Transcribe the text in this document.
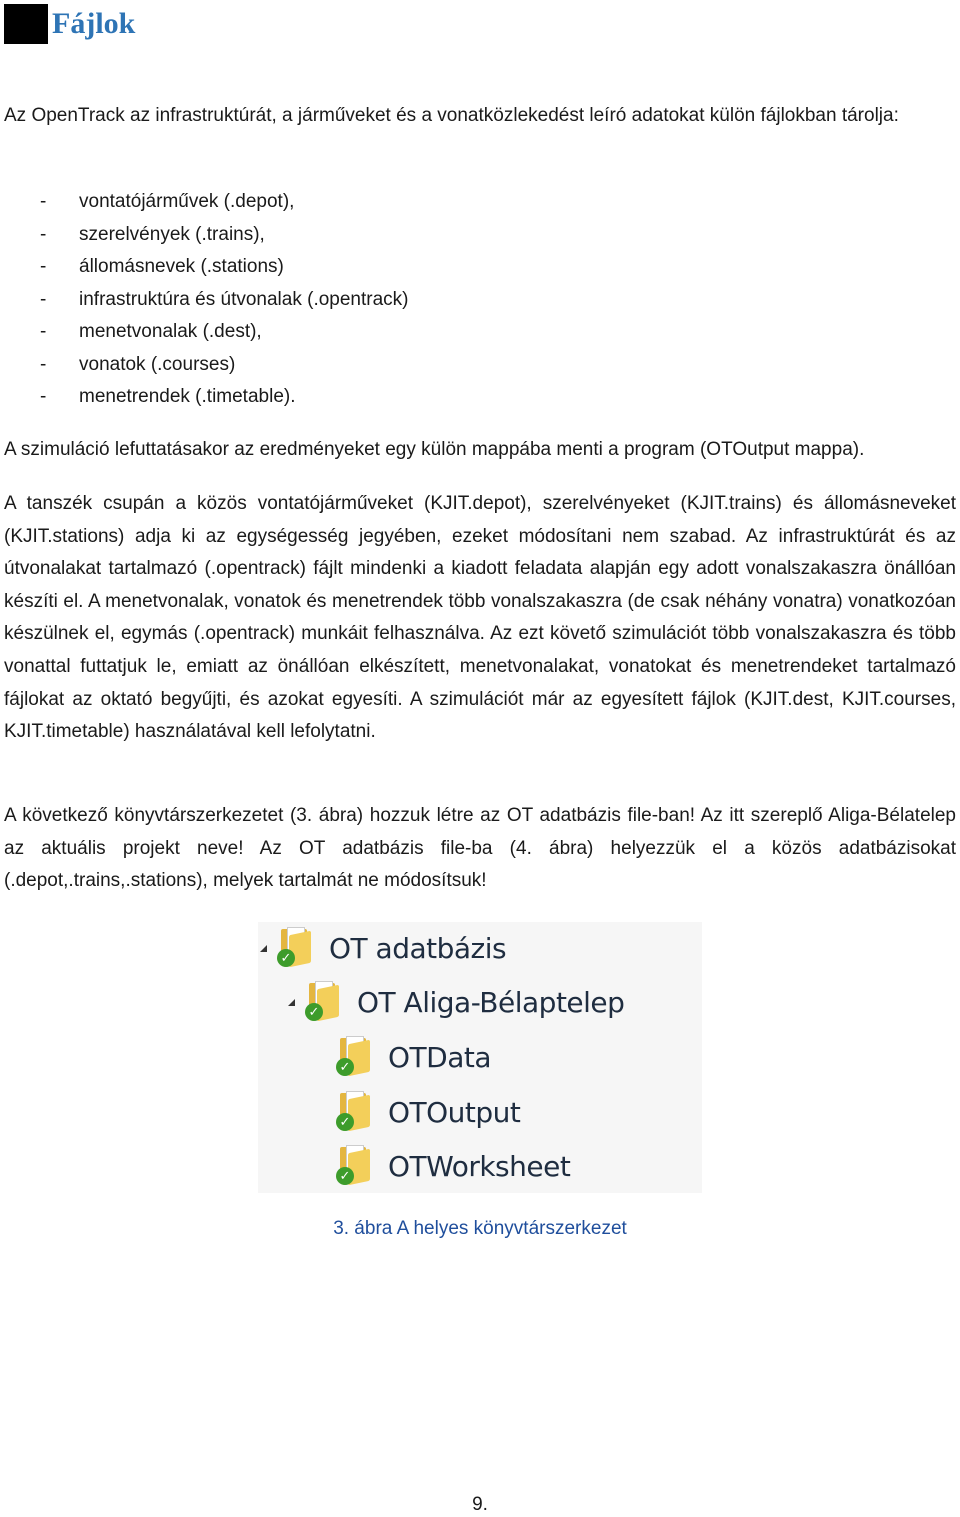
Fájlok

Az OpenTrack az infrastruktúrát, a járműveket és a vonatközlekedést leíró adatokat külön fájlokban tárolja:

- vontatójárművek (.depot),
- szerelvények (.trains),
- állomásnevek (.stations)
- infrastruktúra és útvonalak (.opentrack)
- menetvonalak (.dest),
- vonatok (.courses)
- menetrendek (.timetable).

A szimuláció lefuttatásakor az eredményeket egy külön mappába menti a program (OTOutput mappa).

A tanszék csupán a közös vontatójárműveket (KJIT.depot), szerelvényeket (KJIT.trains) és állomásneveket (KJIT.stations) adja ki az egységesség jegyében, ezeket módosítani nem szabad. Az infrastruktúrát és az útvonalakat tartalmazó (.opentrack) fájlt mindenki a kiadott feladata alapján egy adott vonalszakaszra önállóan készíti el. A menetvonalak, vonatok és menetrendek több vonalszakaszra (de csak néhány vonatra) vonatkozóan készülnek el, egymás (.opentrack) munkáit felhasználva. Az ezt követő szimulációt több vonalszakaszra és több vonattal futtatjuk le, emiatt az önállóan elkészített, menetvonalakat, vonatokat és menetrendeket tartalmazó fájlokat az oktató begyűjti, és azokat egyesíti. A szimulációt már az egyesített fájlok (KJIT.dest, KJIT.courses, KJIT.timetable) használatával kell lefolytatni.

A következő könyvtárszerkezetet (3. ábra) hozzuk létre az OT adatbázis file-ban! Az itt szereplő Aliga-Bélatelep az aktuális projekt neve! Az OT adatbázis file-ba (4. ábra) helyezzük el a közös adatbázisokat (.depot,.trains,.stations), melyek tartalmát ne módosítsuk!

✓ OT adatbázis
✓ OT Aliga-Bélaptelep
✓ OTData
✓ OTOutput
✓ OTWorksheet
3. ábra A helyes könyvtárszerkezet
9.
